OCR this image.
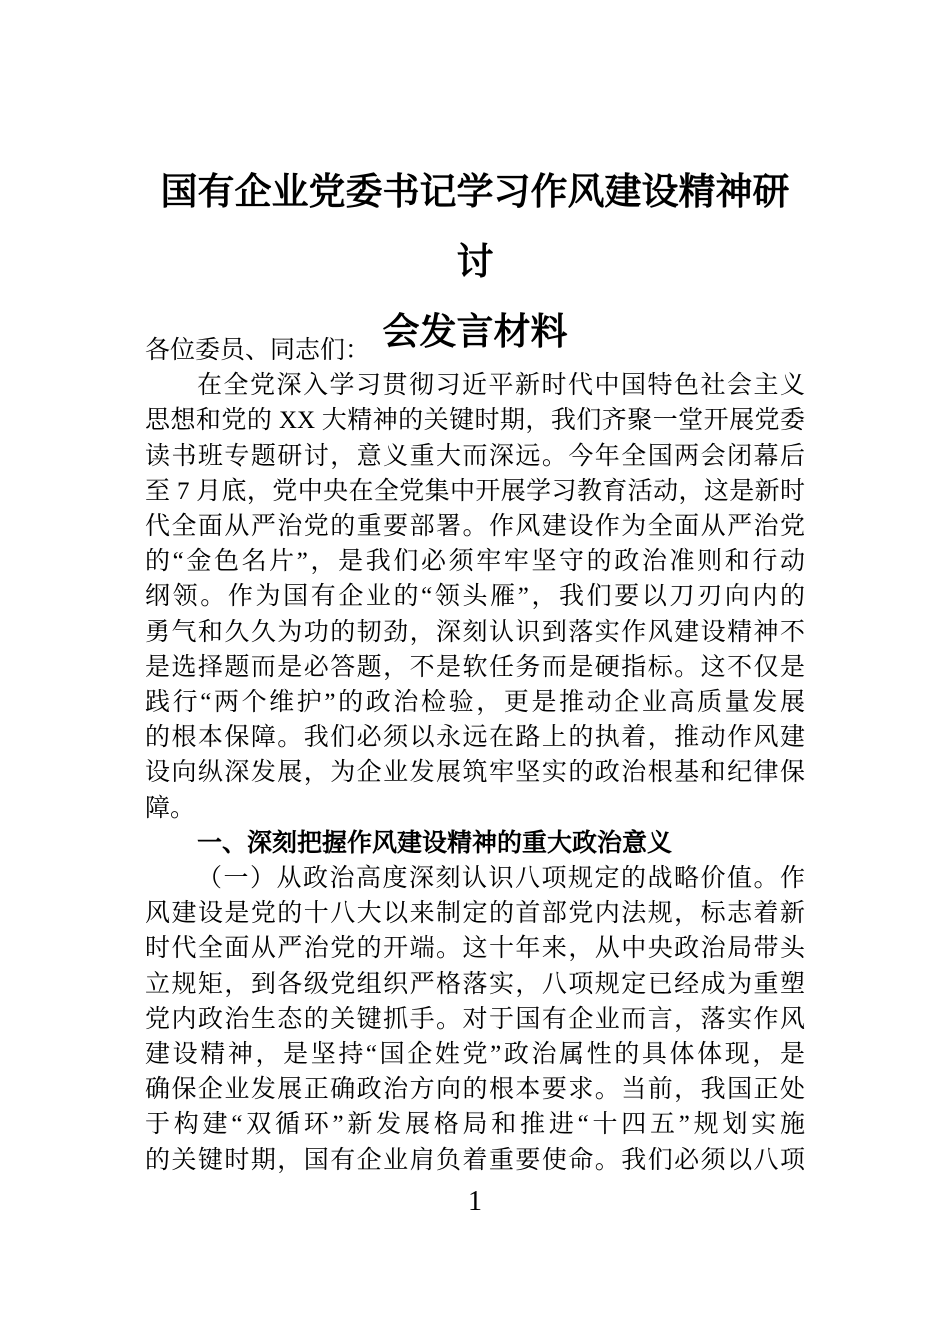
国有企业党委书记学习作风建设精神研讨
会发言材料
各位委员、同志们：
在全党深入学习贯彻习近平新时代中国特色社会主义
思想和党的 XX 大精神的关键时期，我们齐聚一堂开展党委
读书班专题研讨，意义重大而深远。今年全国两会闭幕后
至 7 月底，党中央在全党集中开展学习教育活动，这是新时
代全面从严治党的重要部署。作风建设作为全面从严治党
的“金色名片”，是我们必须牢牢坚守的政治准则和行动
纲领。作为国有企业的“领头雁”，我们要以刀刃向内的
勇气和久久为功的韧劲，深刻认识到落实作风建设精神不
是选择题而是必答题，不是软任务而是硬指标。这不仅是
践行“两个维护”的政治检验，更是推动企业高质量发展
的根本保障。我们必须以永远在路上的执着，推动作风建
设向纵深发展，为企业发展筑牢坚实的政治根基和纪律保
障。
一、深刻把握作风建设精神的重大政治意义
（一）从政治高度深刻认识八项规定的战略价值。作
风建设是党的十八大以来制定的首部党内法规，标志着新
时代全面从严治党的开端。这十年来，从中央政治局带头
立规矩，到各级党组织严格落实，八项规定已经成为重塑
党内政治生态的关键抓手。对于国有企业而言，落实作风
建设精神，是坚持“国企姓党”政治属性的具体体现，是
确保企业发展正确政治方向的根本要求。当前，我国正处
于构建“双循环”新发展格局和推进“十四五”规划实施
的关键时期，国有企业肩负着重要使命。我们必须以八项
1
